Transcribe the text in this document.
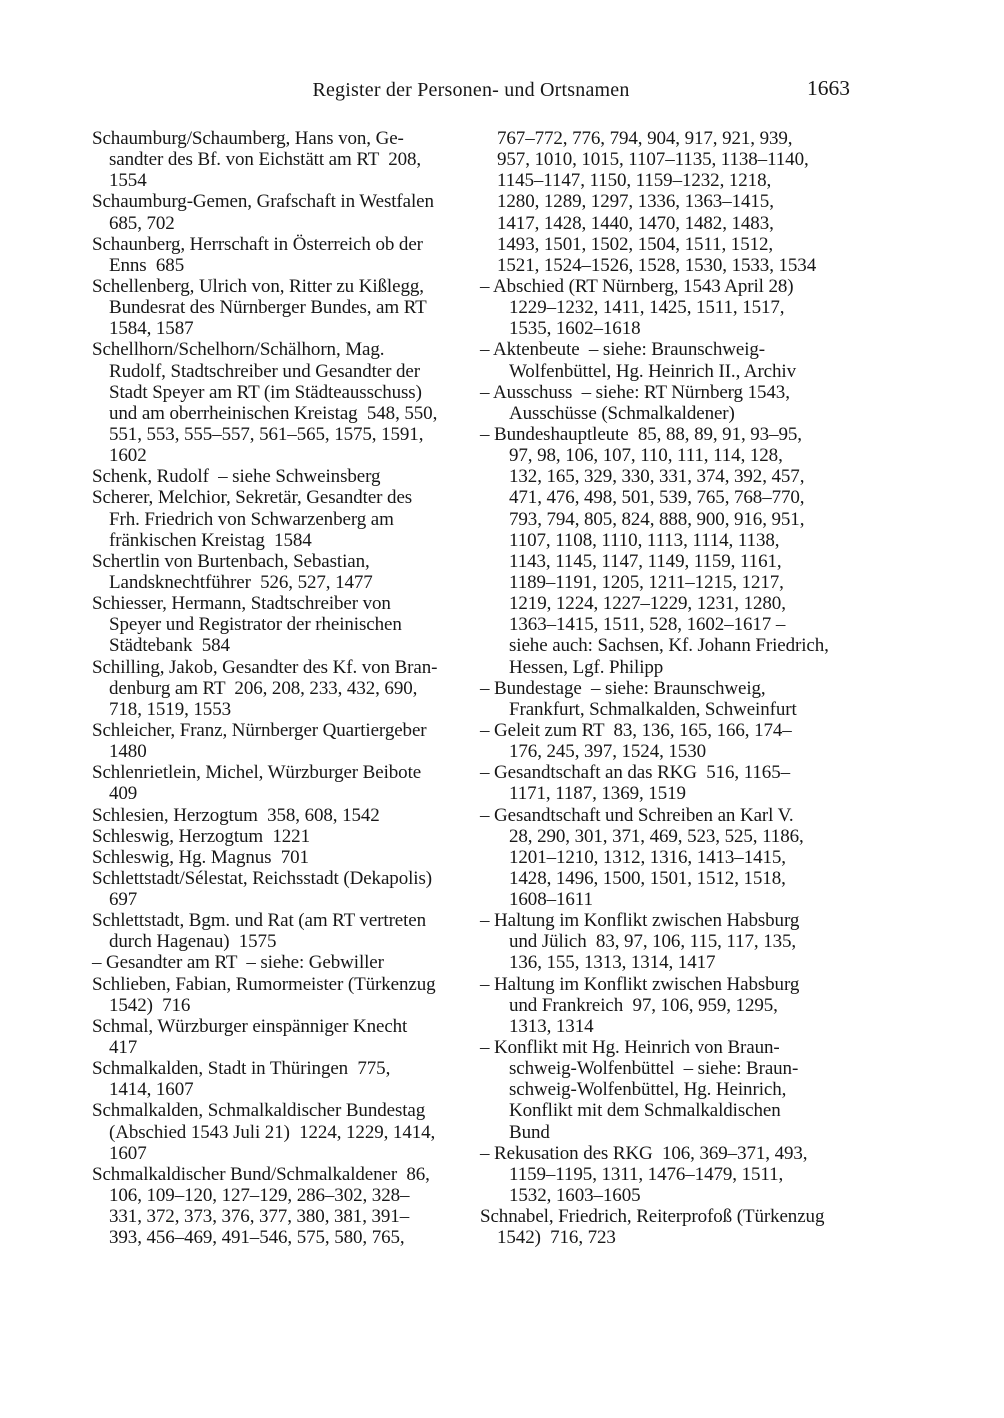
Register der Personen- und Ortsnamen	1663
Schaumburg/Schaumberg, Hans von, Ge-
sandter des Bf. von Eichstätt am RT  208,
1554
Schaumburg-Gemen, Grafschaft in Westfalen
685, 702
Schaunberg, Herrschaft in Österreich ob der
Enns  685
Schellenberg, Ulrich von, Ritter zu Kißlegg,
Bundesrat des Nürnberger Bundes, am RT
1584, 1587
Schellhorn/Schelhorn/Schälhorn, Mag.
Rudolf, Stadtschreiber und Gesandter der
Stadt Speyer am RT (im Städteausschuss)
und am oberrheinischen Kreistag  548, 550,
551, 553, 555–557, 561–565, 1575, 1591,
1602
Schenk, Rudolf  – siehe Schweinsberg
Scherer, Melchior, Sekretär, Gesandter des
Frh. Friedrich von Schwarzenberg am
fränkischen Kreistag  1584
Schertlin von Burtenbach, Sebastian,
Landsknechtführer  526, 527, 1477
Schiesser, Hermann, Stadtschreiber von
Speyer und Registrator der rheinischen
Städtebank  584
Schilling, Jakob, Gesandter des Kf. von Bran-
denburg am RT  206, 208, 233, 432, 690,
718, 1519, 1553
Schleicher, Franz, Nürnberger Quartiergeber
1480
Schlenrietlein, Michel, Würzburger Beibote
409
Schlesien, Herzogtum  358, 608, 1542
Schleswig, Herzogtum  1221
Schleswig, Hg. Magnus  701
Schlettstadt/Sélestat, Reichsstadt (Dekapolis)
697
Schlettstadt, Bgm. und Rat (am RT vertreten
durch Hagenau)  1575
– Gesandter am RT  – siehe: Gebwiller
Schlieben, Fabian, Rumormeister (Türkenzug
1542)  716
Schmal, Würzburger einspänniger Knecht
417
Schmalkalden, Stadt in Thüringen  775,
1414, 1607
Schmalkalden, Schmalkaldischer Bundestag
(Abschied 1543 Juli 21)  1224, 1229, 1414,
1607
Schmalkaldischer Bund/Schmalkaldener  86,
106, 109–120, 127–129, 286–302, 328–
331, 372, 373, 376, 377, 380, 381, 391–
393, 456–469, 491–546, 575, 580, 765,
767–772, 776, 794, 904, 917, 921, 939,
957, 1010, 1015, 1107–1135, 1138–1140,
1145–1147, 1150, 1159–1232, 1218,
1280, 1289, 1297, 1336, 1363–1415,
1417, 1428, 1440, 1470, 1482, 1483,
1493, 1501, 1502, 1504, 1511, 1512,
1521, 1524–1526, 1528, 1530, 1533, 1534
– Abschied (RT Nürnberg, 1543 April 28)
1229–1232, 1411, 1425, 1511, 1517,
1535, 1602–1618
– Aktenbeute  – siehe: Braunschweig-
Wolfenbüttel, Hg. Heinrich II., Archiv
– Ausschuss  – siehe: RT Nürnberg 1543,
Ausschüsse (Schmalkaldener)
– Bundeshauptleute  85, 88, 89, 91, 93–95,
97, 98, 106, 107, 110, 111, 114, 128,
132, 165, 329, 330, 331, 374, 392, 457,
471, 476, 498, 501, 539, 765, 768–770,
793, 794, 805, 824, 888, 900, 916, 951,
1107, 1108, 1110, 1113, 1114, 1138,
1143, 1145, 1147, 1149, 1159, 1161,
1189–1191, 1205, 1211–1215, 1217,
1219, 1224, 1227–1229, 1231, 1280,
1363–1415, 1511, 528, 1602–1617 –
siehe auch: Sachsen, Kf. Johann Friedrich,
Hessen, Lgf. Philipp
– Bundestage  – siehe: Braunschweig,
Frankfurt, Schmalkalden, Schweinfurt
– Geleit zum RT  83, 136, 165, 166, 174–
176, 245, 397, 1524, 1530
– Gesandtschaft an das RKG  516, 1165–
1171, 1187, 1369, 1519
– Gesandtschaft und Schreiben an Karl V.
28, 290, 301, 371, 469, 523, 525, 1186,
1201–1210, 1312, 1316, 1413–1415,
1428, 1496, 1500, 1501, 1512, 1518,
1608–1611
– Haltung im Konflikt zwischen Habsburg
und Jülich  83, 97, 106, 115, 117, 135,
136, 155, 1313, 1314, 1417
– Haltung im Konflikt zwischen Habsburg
und Frankreich  97, 106, 959, 1295,
1313, 1314
– Konflikt mit Hg. Heinrich von Braun-
schweig-Wolfenbüttel  – siehe: Braun-
schweig-Wolfenbüttel, Hg. Heinrich,
Konflikt mit dem Schmalkaldischen
Bund
– Rekusation des RKG  106, 369–371, 493,
1159–1195, 1311, 1476–1479, 1511,
1532, 1603–1605
Schnabel, Friedrich, Reiterprofoß (Türkenzug
1542)  716, 723
